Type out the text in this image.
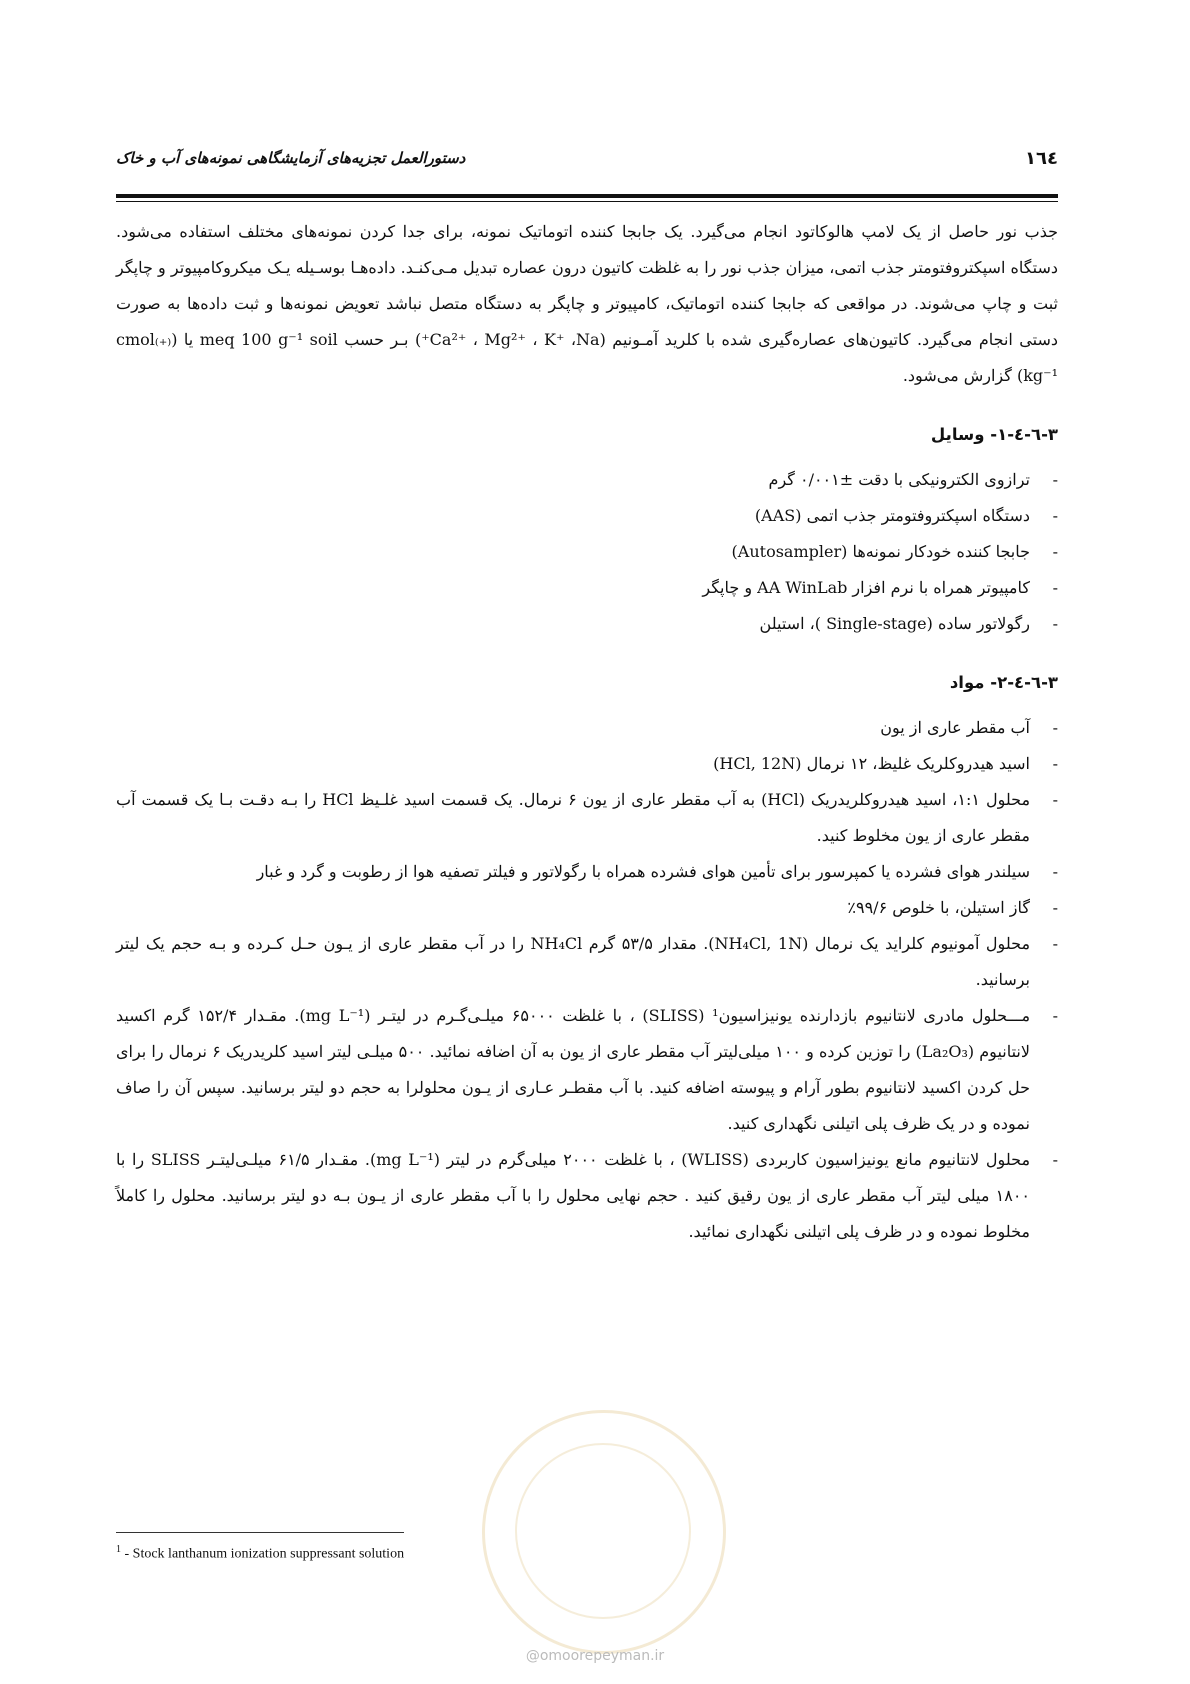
دستورالعمل تجزیه‌های آزمایشگاهی نمونه‌های آب و خاک	١٦٤

جذب نور حاصل از یک لامپ هالوکاتود انجام می‌گیرد. یک جابجا کننده اتوماتیک نمونه، برای جدا کردن نمونه‌های مختلف استفاده می‌شود. دستگاه اسپکتروفتومتر جذب اتمی، میزان جذب نور را به غلظت کاتیون درون عصاره تبدیل مـی‌کنـد. داده‌هـا بوسـیله یـک میکروکامپیوتر و چاپگر ثبت و چاپ می‌شوند. در مواقعی که جابجا کننده اتوماتیک، کامپیوتر و چاپگر به دستگاه متصل نباشد تعویض نمونه‌ها و ثبت داده‌ها به صورت دستی انجام می‌گیرد. کاتیون‌های عصاره‌گیری شده با کلرید آمـونیم (Ca²⁺ ، Mg²⁺ ، K⁺ ،Na⁺) بـر حسب meq 100 g⁻¹ soil یا (cmol₍₊₎kg⁻¹) گزارش می‌شود.

٣-٦-٤-١- وسایل
- ترازوی الکترونیکی با دقت ±٠/٠٠١ گرم
- دستگاه اسپکتروفتومتر جذب اتمی (AAS)
- جابجا کننده خودکار نمونه‌ها (Autosampler)
- کامپیوتر همراه با نرم افزار AA WinLab و چاپگر
- رگولاتور ساده (Single-stage )، استیلن
٣-٦-٤-٢- مواد
- آب مقطر عاری از یون
- اسید هیدروکلریک غلیظ، ١٢ نرمال (HCl, 12N)
- محلول ١:١، اسید هیدروکلریدریک (HCl) به آب مقطر عاری از یون ۶ نرمال. یک قسمت اسید غلـیظ HCl را بـه دقـت بـا یک قسمت آب مقطر عاری از یون مخلوط کنید.
- سیلندر هوای فشرده یا کمپرسور برای تأمین هوای فشرده همراه با رگولاتور و فیلتر تصفیه هوا از رطوبت و گرد و غبار
- گاز استیلن، با خلوص ٩٩/۶٪
- محلول آمونیوم کلراید یک نرمال (NH₄Cl, 1N). مقدار ۵٣/۵ گرم NH₄Cl را در آب مقطر عاری از یـون حـل کـرده و بـه حجم یک لیتر برسانید.
- مـــحلول مادری لانتانیوم بازدارنده یونیزاسیون¹ (SLISS) ، با غلظت ۶۵٠٠٠ میلـی‌گـرم در لیتـر (mg L⁻¹). مقـدار ١۵٢/۴ گرم اکسید لانتانیوم (La₂O₃) را توزین کرده و ١٠٠ میلی‌لیتر آب مقطر عاری از یون به آن اضافه نمائید. ۵٠٠ میلـی لیتر اسید کلریدریک ۶ نرمال را برای حل کردن اکسید لانتانیوم بطور آرام و پیوسته اضافه کنید. با آب مقطـر عـاری از یـون محلولرا به حجم دو لیتر برسانید. سپس آن را صاف نموده و در یک ظرف پلی اتیلنی نگهداری کنید.
- محلول لانتانیوم مانع یونیزاسیون کاربردی (WLISS) ، با غلظت ٢٠٠٠ میلی‌گرم در لیتر (mg L⁻¹). مقـدار ۶١/۵ میلـی‌لیتـر SLISS را با ١٨٠٠ میلی لیتر آب مقطر عاری از یون رقیق کنید . حجم نهایی محلول را با آب مقطر عاری از یـون بـه دو لیتر برسانید. محلول را کاملاً مخلوط نموده و در ظرف پلی اتیلنی نگهداری نمائید.
$^1$ - Stock lanthanum ionization suppressant solution
@omoorepeyman.ir
